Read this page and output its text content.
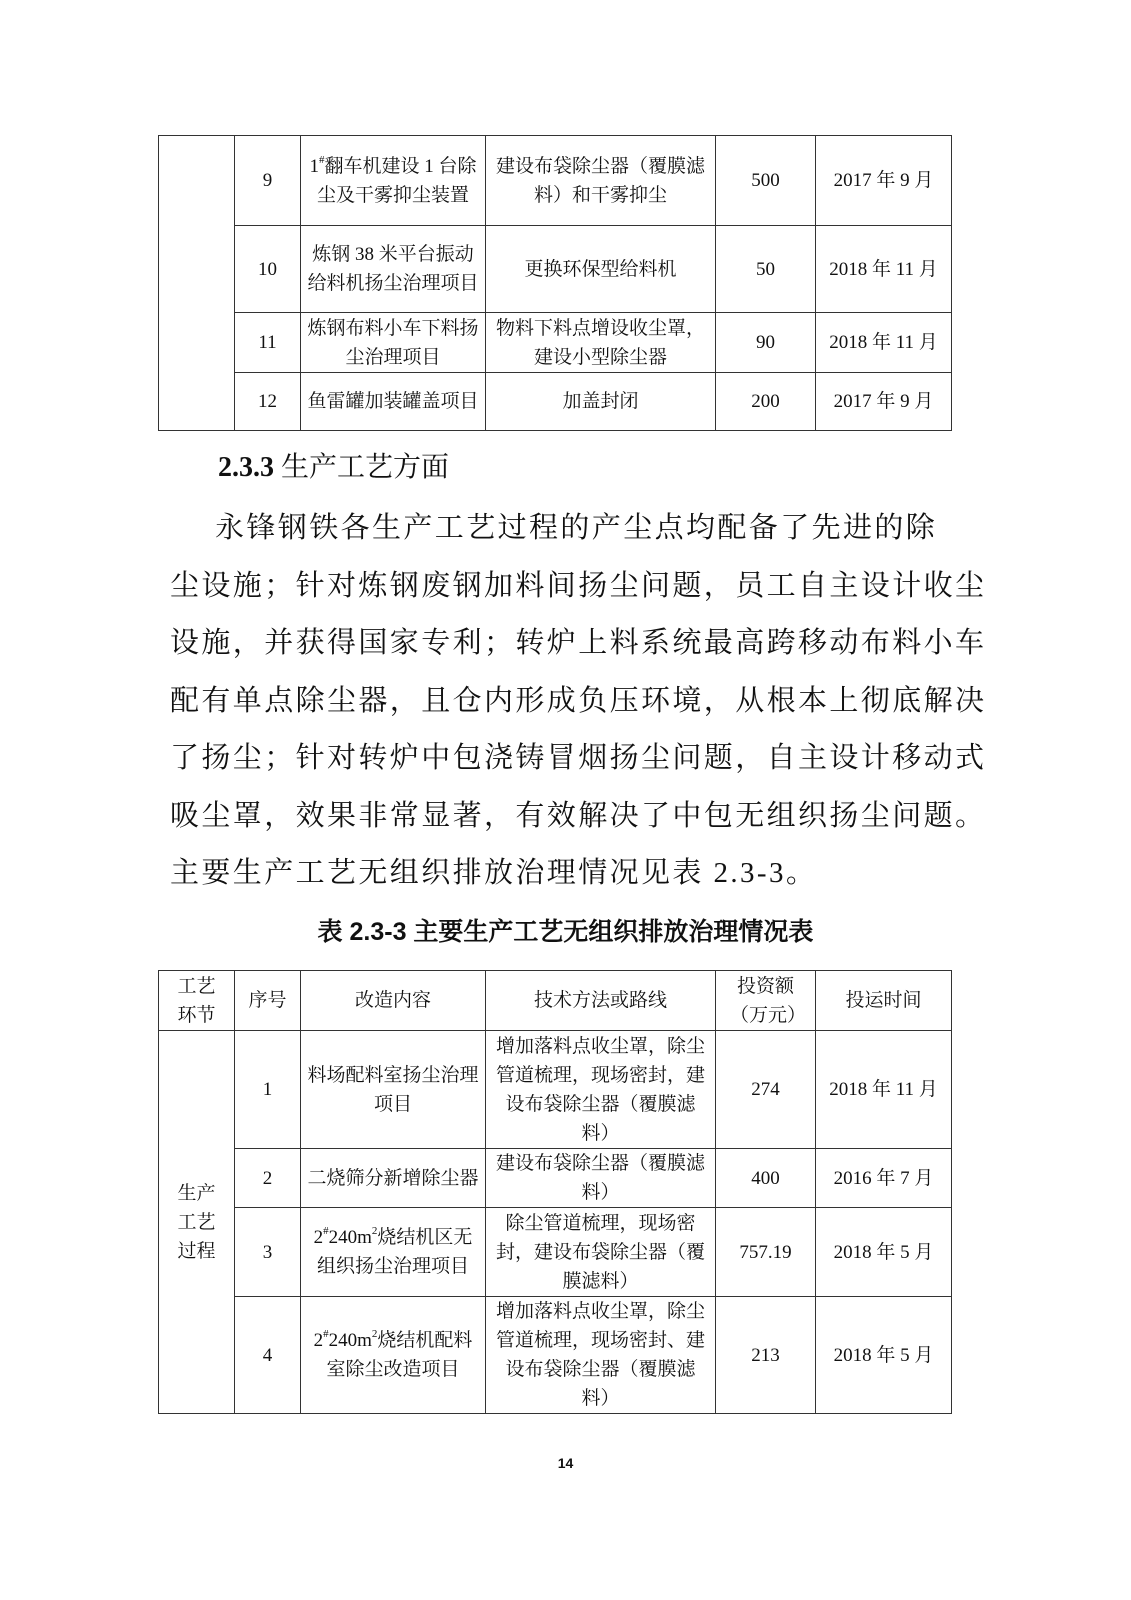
	9	1#翻车机建设 1 台除尘及干雾抑尘装置	建设布袋除尘器（覆膜滤料）和干雾抑尘	500	2017 年 9 月
	10	炼钢 38 米平台振动给料机扬尘治理项目	更换环保型给料机	50	2018 年 11 月
	11	炼钢布料小车下料扬尘治理项目	物料下料点增设收尘罩，建设小型除尘器	90	2018 年 11 月
	12	鱼雷罐加装罐盖项目	加盖封闭	200	2017 年 9 月
2.3.3 生产工艺方面
永锋钢铁各生产工艺过程的产尘点均配备了先进的除
尘设施；针对炼钢废钢加料间扬尘问题，员工自主设计收尘
设施，并获得国家专利；转炉上料系统最高跨移动布料小车
配有单点除尘器，且仓内形成负压环境，从根本上彻底解决
了扬尘；针对转炉中包浇铸冒烟扬尘问题，自主设计移动式
吸尘罩，效果非常显著，有效解决了中包无组织扬尘问题。
主要生产工艺无组织排放治理情况见表 2.3-3。
表 2.3-3 主要生产工艺无组织排放治理情况表
工艺环节	序号	改造内容	技术方法或路线	投资额（万元）	投运时间
生产工艺过程	1	料场配料室扬尘治理项目	增加落料点收尘罩，除尘管道梳理，现场密封，建设布袋除尘器（覆膜滤料）	274	2018 年 11 月
	2	二烧筛分新增除尘器	建设布袋除尘器（覆膜滤料）	400	2016 年 7 月
	3	$2^{\#}240m^2$烧结机区无组织扬尘治理项目	除尘管道梳理，现场密封，建设布袋除尘器（覆膜滤料）	757.19	2018 年 5 月
	4	$2^{\#}240m^2$烧结机配料室除尘改造项目	增加落料点收尘罩，除尘管道梳理，现场密封、建设布袋除尘器（覆膜滤料）	213	2018 年 5 月
14
